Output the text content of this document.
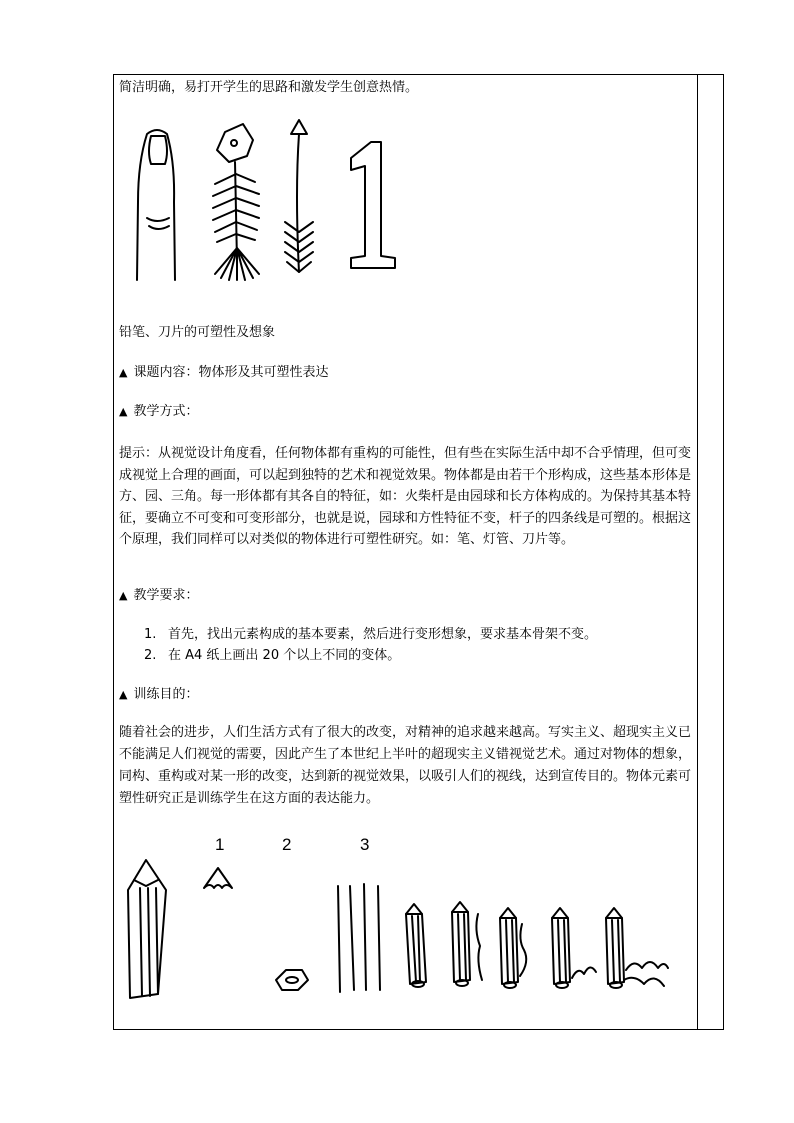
简洁明确，易打开学生的思路和激发学生创意热情。
铅笔、刀片的可塑性及想象
▲ 课题内容：物体形及其可塑性表达
▲ 教学方式：
提示：从视觉设计角度看，任何物体都有重构的可能性，但有些在实际生活中却不合乎情理，但可变成视觉上合理的画面，可以起到独特的艺术和视觉效果。物体都是由若干个形构成，这些基本形体是方、园、三角。每一形体都有其各自的特征，如：火柴杆是由园球和长方体构成的。为保持其基本特征，要确立不可变和可变形部分，也就是说，园球和方性特征不变，杆子的四条线是可塑的。根据这个原理，我们同样可以对类似的物体进行可塑性研究。如：笔、灯管、刀片等。
▲ 教学要求：
1. 首先，找出元素构成的基本要素，然后进行变形想象，要求基本骨架不变。
2. 在 A4 纸上画出 20 个以上不同的变体。
▲ 训练目的：
随着社会的进步，人们生活方式有了很大的改变，对精神的追求越来越高。写实主义、超现实主义已不能满足人们视觉的需要，因此产生了本世纪上半叶的超现实主义错视觉艺术。通过对物体的想象，同构、重构或对某一形的改变，达到新的视觉效果，以吸引人们的视线，达到宣传目的。物体元素可塑性研究正是训练学生在这方面的表达能力。
1	2	3
